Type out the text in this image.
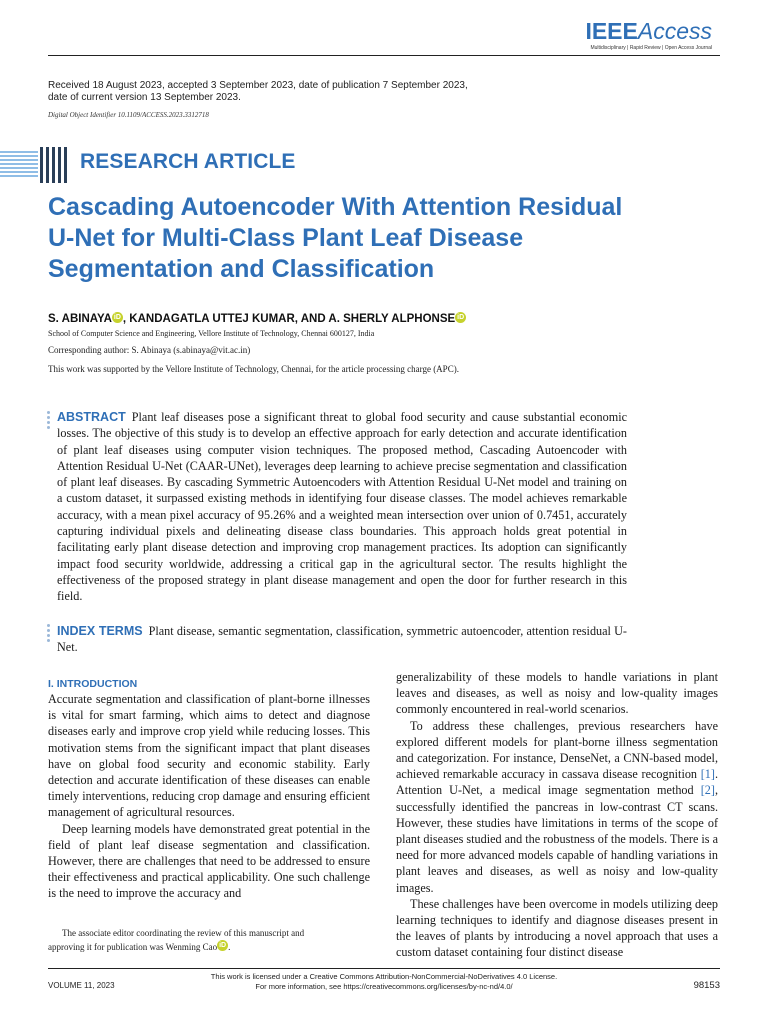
IEEEAccess
Multidisciplinary | Rapid Review | Open Access Journal
Received 18 August 2023, accepted 3 September 2023, date of publication 7 September 2023,
date of current version 13 September 2023.
Digital Object Identifier 10.1109/ACCESS.2023.3312718
RESEARCH ARTICLE
Cascading Autoencoder With Attention Residual
U-Net for Multi-Class Plant Leaf Disease
Segmentation and Classification
S. ABINAYA iD , KANDAGATLA UTTEJ KUMAR, AND A. SHERLY ALPHONSE iD
School of Computer Science and Engineering, Vellore Institute of Technology, Chennai 600127, India
Corresponding author: S. Abinaya (s.abinaya@vit.ac.in)
This work was supported by the Vellore Institute of Technology, Chennai, for the article processing charge (APC).
ABSTRACT Plant leaf diseases pose a significant threat to global food security and cause substantial economic losses. The objective of this study is to develop an effective approach for early detection and accurate identification of plant leaf diseases using computer vision techniques. The proposed method, Cascading Autoencoder with Attention Residual U-Net (CAAR-UNet), leverages deep learning to achieve precise segmentation and classification of plant leaf diseases. By cascading Symmetric Autoencoders with Attention Residual U-Net model and training on a custom dataset, it surpassed existing methods in identifying four disease classes. The model achieves remarkable accuracy, with a mean pixel accuracy of 95.26% and a weighted mean intersection over union of 0.7451, accurately capturing individual pixels and delineating disease class boundaries. This approach holds great potential in facilitating early plant disease detection and improving crop management practices. Its adoption can significantly impact food security worldwide, addressing a critical gap in the agricultural sector. The results highlight the effectiveness of the proposed strategy in plant disease management and open the door for further research in this field.
INDEX TERMS Plant disease, semantic segmentation, classification, symmetric autoencoder, attention residual U-Net.
I. INTRODUCTION

Accurate segmentation and classification of plant-borne illnesses is vital for smart farming, which aims to detect and diagnose diseases early and improve crop yield while reducing losses. This motivation stems from the significant impact that plant diseases have on global food security and economic stability. Early detection and accurate identification of these diseases can enable timely interventions, reducing crop damage and ensuring efficient management of agricultural resources.

Deep learning models have demonstrated great potential in the field of plant leaf disease segmentation and classification. However, there are challenges that need to be addressed to ensure their effectiveness and practical applicability. One such challenge is the need to improve the accuracy and

The associate editor coordinating the review of this manuscript and
approving it for publication was Wenming Cao iD .

generalizability of these models to handle variations in plant leaves and diseases, as well as noisy and low-quality images commonly encountered in real-world scenarios.

To address these challenges, previous researchers have explored different models for plant-borne illness segmentation and categorization. For instance, DenseNet, a CNN-based model, achieved remarkable accuracy in cassava disease recognition [1]. Attention U-Net, a medical image segmentation method [2], successfully identified the pancreas in low-contrast CT scans. However, these studies have limitations in terms of the scope of plant diseases studied and the robustness of the models. There is a need for more advanced models capable of handling variations in plant leaves and diseases, as well as noisy and low-quality images.

These challenges have been overcome in models utilizing deep learning techniques to identify and diagnose diseases present in the leaves of plants by introducing a novel approach that uses a custom dataset containing four distinct disease

This work is licensed under a Creative Commons Attribution-NonCommercial-NoDerivatives 4.0 License.
For more information, see https://creativecommons.org/licenses/by-nc-nd/4.0/
VOLUME 11, 2023	98153
